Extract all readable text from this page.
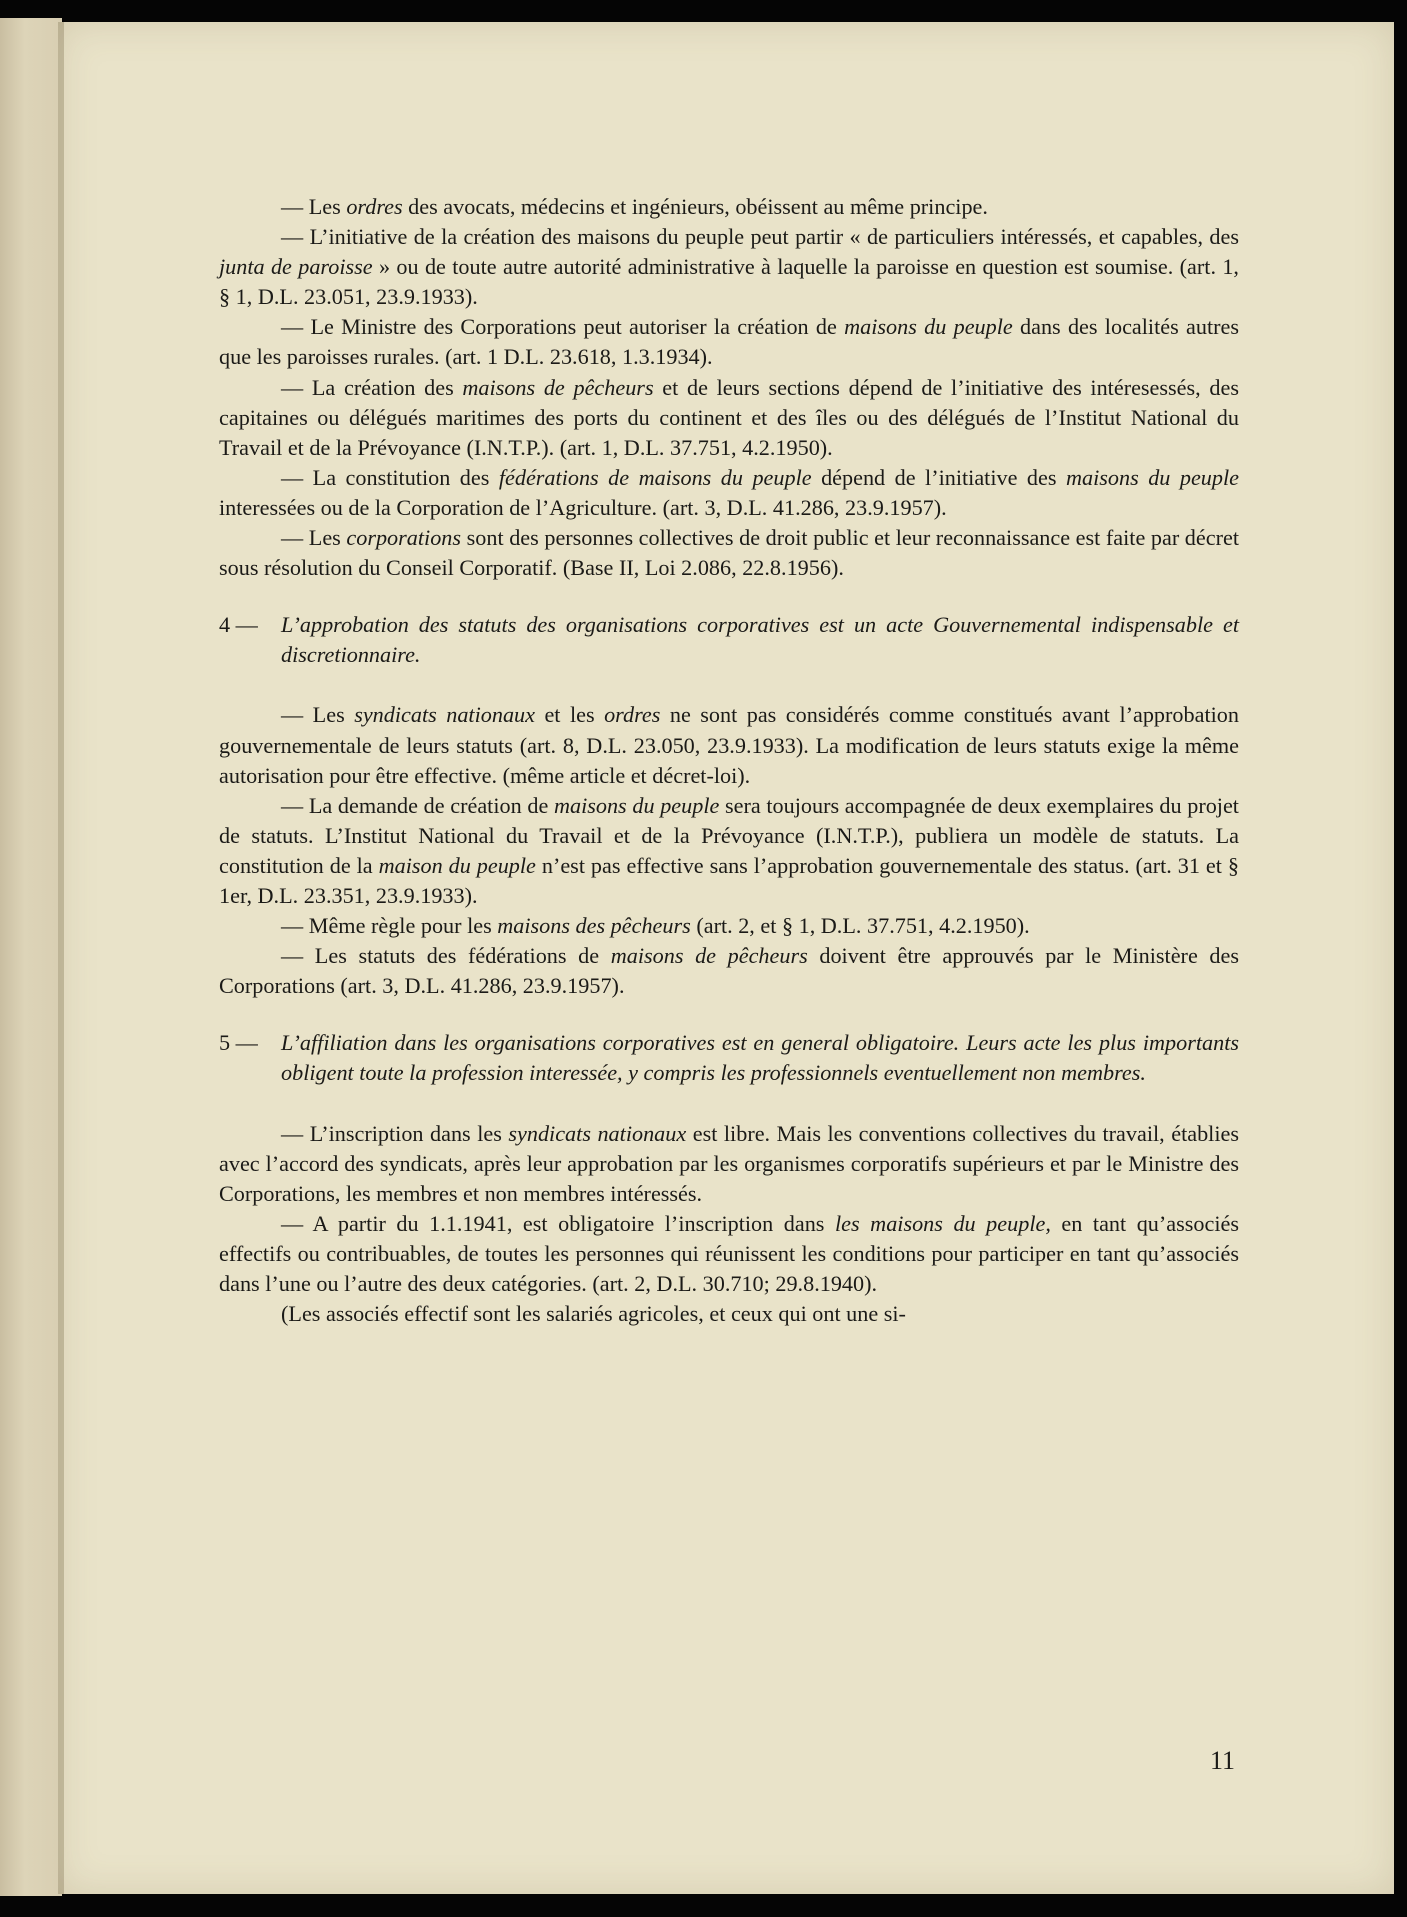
— Les ordres des avocats, médecins et ingénieurs, obéissent au même principe.

— L’initiative de la création des maisons du peuple peut partir « de particuliers intéressés, et capables, des junta de paroisse » ou de toute autre autorité administrative à laquelle la paroisse en question est soumise. (art. 1, § 1, D.L. 23.051, 23.9.1933).

— Le Ministre des Corporations peut autoriser la création de maisons du peuple dans des localités autres que les paroisses rurales. (art. 1 D.L. 23.618, 1.3.1934).

— La création des maisons de pêcheurs et de leurs sections dépend de l’initiative des intéresessés, des capitaines ou délégués maritimes des ports du continent et des îles ou des délégués de l’Institut National du Travail et de la Prévoyance (I.N.T.P.). (art. 1, D.L. 37.751, 4.2.1950).

— La constitution des fédérations de maisons du peuple dépend de l’initiative des maisons du peuple interessées ou de la Corporation de l’Agriculture. (art. 3, D.L. 41.286, 23.9.1957).

— Les corporations sont des personnes collectives de droit public et leur reconnaissance est faite par décret sous résolution du Conseil Corporatif. (Base II, Loi 2.086, 22.8.1956).

4 —	L’approbation des statuts des organisations corporatives est un acte Gouvernemental indispensable et discretionnaire.

— Les syndicats nationaux et les ordres ne sont pas considérés comme constitués avant l’approbation gouvernementale de leurs statuts (art. 8, D.L. 23.050, 23.9.1933). La modification de leurs statuts exige la même autorisation pour être effective. (même article et décret-loi).

— La demande de création de maisons du peuple sera toujours accompagnée de deux exemplaires du projet de statuts. L’Institut National du Travail et de la Prévoyance (I.N.T.P.), publiera un modèle de statuts. La constitution de la maison du peuple n’est pas effective sans l’approbation gouvernementale des status. (art. 31 et § 1er, D.L. 23.351, 23.9.1933).

— Même règle pour les maisons des pêcheurs (art. 2, et § 1, D.L. 37.751, 4.2.1950).

— Les statuts des fédérations de maisons de pêcheurs doivent être approuvés par le Ministère des Corporations (art. 3, D.L. 41.286, 23.9.1957).

5 —	L’affiliation dans les organisations corporatives est en general obligatoire. Leurs acte les plus importants obligent toute la profession interessée, y compris les professionnels eventuellement non membres.

— L’inscription dans les syndicats nationaux est libre. Mais les conventions collectives du travail, établies avec l’accord des syndicats, après leur approbation par les organismes corporatifs supérieurs et par le Ministre des Corporations, les membres et non membres intéressés.

— A partir du 1.1.1941, est obligatoire l’inscription dans les maisons du peuple, en tant qu’associés effectifs ou contribuables, de toutes les personnes qui réunissent les conditions pour participer en tant qu’associés dans l’une ou l’autre des deux catégories. (art. 2, D.L. 30.710; 29.8.1940).

(Les associés effectif sont les salariés agricoles, et ceux qui ont une si-

11
